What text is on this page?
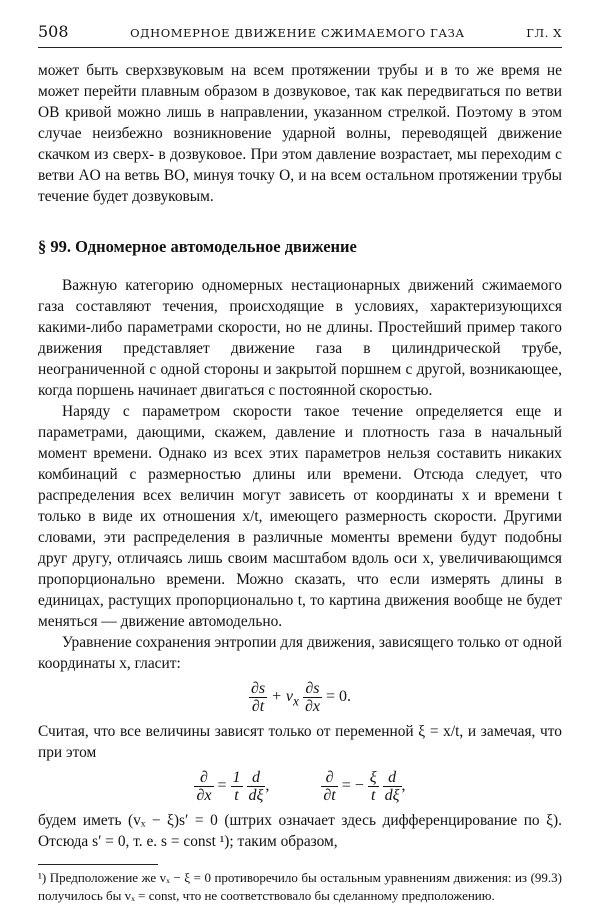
508	ОДНОМЕРНОЕ ДВИЖЕНИЕ СЖИМАЕМОГО ГАЗА	ГЛ. X

может быть сверхзвуковым на всем протяжении трубы и в то же время не может перейти плавным образом в дозвуковое, так как передвигаться по ветви OB кривой можно лишь в направлении, указанном стрелкой. Поэтому в этом случае неизбежно возникновение ударной волны, переводящей движение скачком из сверх- в дозвуковое. При этом давление возрастает, мы переходим с ветви AO на ветвь BO, минуя точку O, и на всем остальном протяжении трубы течение будет дозвуковым.

§ 99. Одномерное автомодельное движение

Важную категорию одномерных нестационарных движений сжимаемого газа составляют течения, происходящие в условиях, характеризующихся какими-либо параметрами скорости, но не длины. Простейший пример такого движения представляет движение газа в цилиндрической трубе, неограниченной с одной стороны и закрытой поршнем с другой, возникающее, когда поршень начинает двигаться с постоянной скоростью.

Наряду с параметром скорости такое течение определяется еще и параметрами, дающими, скажем, давление и плотность газа в начальный момент времени. Однако из всех этих параметров нельзя составить никаких комбинаций с размерностью длины или времени. Отсюда следует, что распределения всех величин могут зависеть от координаты x и времени t только в виде их отношения x/t, имеющего размерность скорости. Другими словами, эти распределения в различные моменты времени будут подобны друг другу, отличаясь лишь своим масштабом вдоль оси x, увеличивающимся пропорционально времени. Можно сказать, что если измерять длины в единицах, растущих пропорционально t, то картина движения вообще не будет меняться — движение автомодельно.

Уравнение сохранения энтропии для движения, зависящего только от одной координаты x, гласит:

$\frac{\partial s}{\partial t} + v_x \frac{\partial s}{\partial x} = 0$.

Считая, что все величины зависят только от переменной ξ = x/t, и замечая, что при этом

$\frac{\partial}{\partial x} = \frac{1}{t}$
$\frac{d}{d\xi}$ ,	$\frac{\partial}{\partial t}$ = − $\frac{\xi}{t}$
$\frac{d}{d\xi}$ ,

будем иметь (vₓ − ξ)s′ = 0 (штрих означает здесь дифференцирование по ξ). Отсюда s′ = 0, т. е. s = const ¹); таким образом,

¹) Предположение же vₓ − ξ = 0 противоречило бы остальным уравнениям движения: из (99.3) получилось бы vₓ = const, что не соответствовало бы сделанному предположению.
